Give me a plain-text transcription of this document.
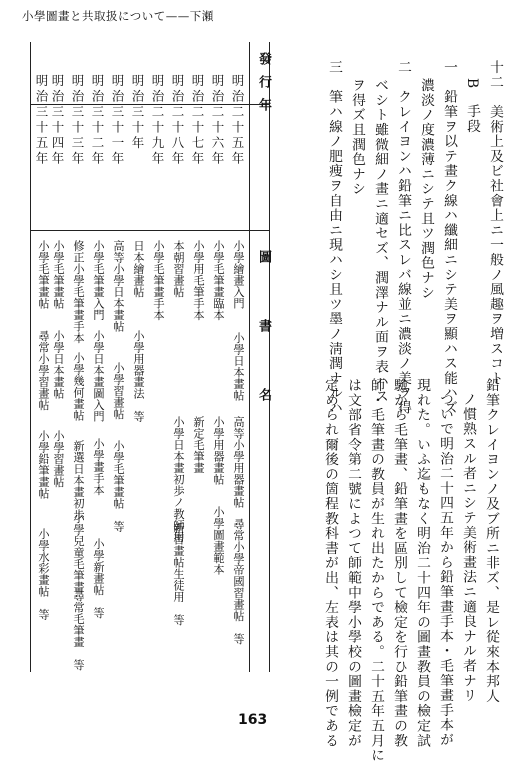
小學圖畫と共取扱について——下瀬
十二　美術上及ビ社會上ニ一般ノ風趣ヲ増スコト
B　手段
一　鉛筆ヲ以テ畫ク線ハ纖細ニシテ美ヲ顯ハス能ハズ
濃淡ノ度濃薄ニシテ且ツ潤色ナシ
二　クレイヨンハ鉛筆ニ比スレバ線並ニ濃淡ノ美ヲ得
ベシト雖微細ノ畫ニ適セズ、潤澤ナル面ヲ表ハス
ヲ得ズ且潤色ナシ
三　筆ハ線ノ肥痩ヲ自由ニ現ハシ且ツ墨ノ淸潤ナルハ
鉛筆クレイヨンノ及ブ所ニ非ズ、是レ從來本邦人
ノ慣熟スル者ニシテ美術畫法ニ適良ナル者ナリ
ついで明治二十四五年から鉛筆畫手本・毛筆畫手本が
現れた。いふ迄もなく明治二十四年の圖畫教員の檢定試
驗から毛筆畫、鉛筆畫を區別して檢定を行ひ鉛筆畫の教
師・毛筆畫の教員が生れ出たからである。二十五年五月に
は文部省令第二號によつて師範中學小學校の圖畫檢定が
定められ爾後の箇程教科書が出、左表は其の一例である
發行年
圖　　書　　名
明治二十五年
明治二十六年
明治二十七年
明治二十八年
明治二十九年
明治三十年
明治三十一年
明治三十二年
明治三十三年
明治三十四年
明治三十五年
小學繪畫入門
小學日本畫帖
高等小學用器畫帖
尋常小學帝國習畫帖　等
小學毛筆畫臨本
小學用器畫帖
小學圖畫範本
小學用毛筆手本
新定毛筆畫
本朝習畫帖
小學日本畫初歩ノ教師用
新習畫帖生徒用　等
小學毛筆畫手本
日本繪畫帖
小學用器畫法　等
高等小學日本畫帖
小學習畫帖
小學毛筆畫帖　等
小學毛筆畫入門
小學日本畫圖入門
小學畫手本
小學新畫帖　等
修正小學毛筆畫手本
小學幾何畫帖
新選日本畫初歩
小學兒童毛筆畫
尋常毛筆畫　等
小學毛筆畫帖
小學日本畫帖
小學習畫帖
小學毛筆畫帖
尋常小學習畫帖
小學鉛筆畫帖
小學水彩畫帖　等
163
